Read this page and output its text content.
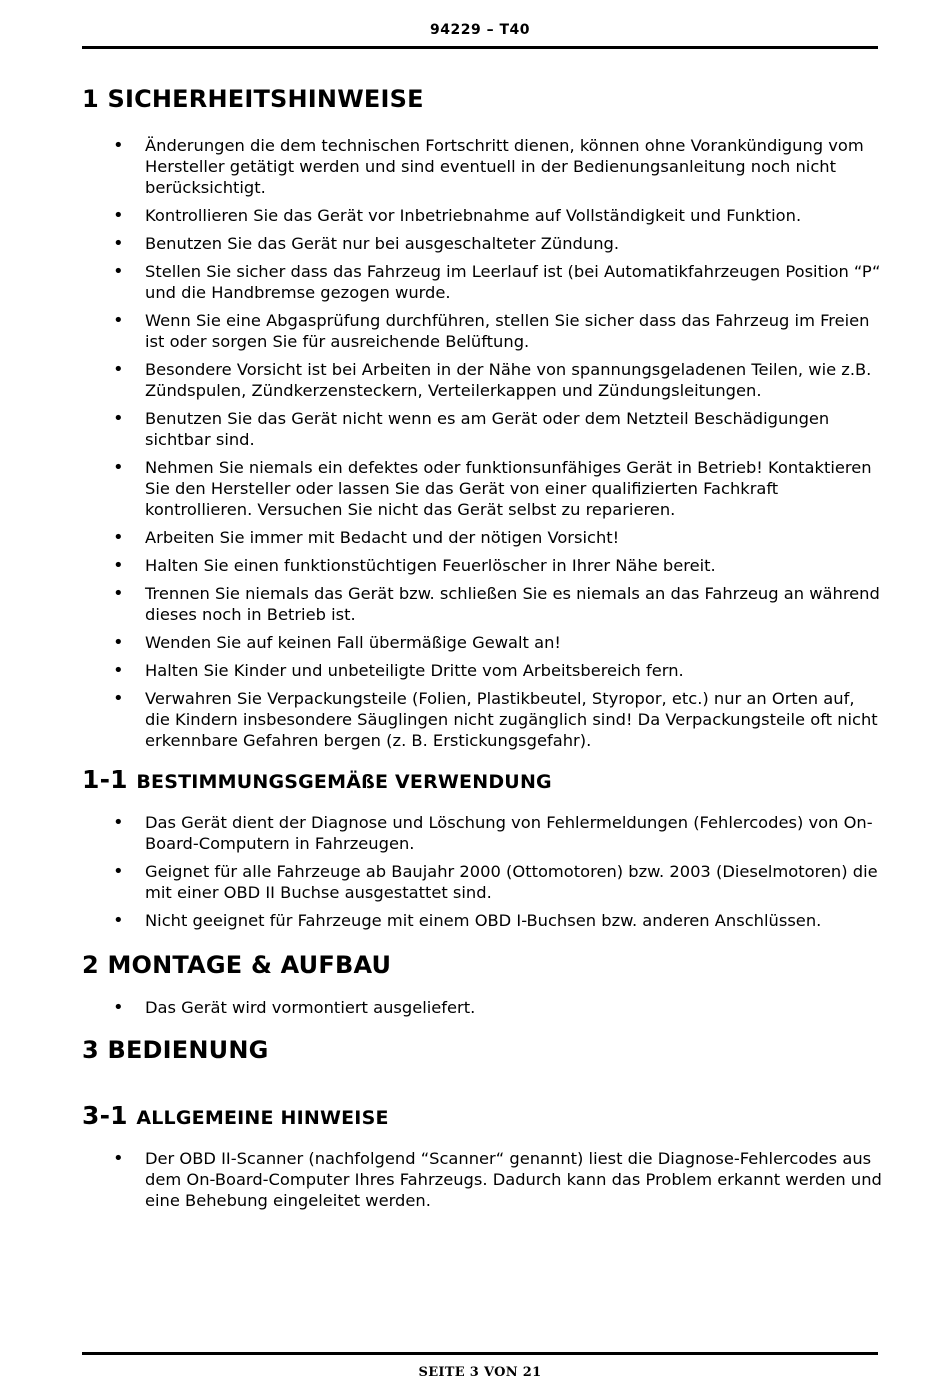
94229 – T40
1 SICHERHEITSHINWEISE
• Änderungen die dem technischen Fortschritt dienen, können ohne Vorankündigung vom Hersteller getätigt werden und sind eventuell in der Bedienungsanleitung noch nicht berücksichtigt.
• Kontrollieren Sie das Gerät vor Inbetriebnahme auf Vollständigkeit und Funktion.
• Benutzen Sie das Gerät nur bei ausgeschalteter Zündung.
• Stellen Sie sicher dass das Fahrzeug im Leerlauf ist (bei Automatikfahrzeugen Position “P“ und die Handbremse gezogen wurde.
• Wenn Sie eine Abgasprüfung durchführen, stellen Sie sicher dass das Fahrzeug im Freien ist oder sorgen Sie für ausreichende Belüftung.
• Besondere Vorsicht ist bei Arbeiten in der Nähe von spannungsgeladenen Teilen, wie z.B. Zündspulen, Zündkerzensteckern, Verteilerkappen und Zündungsleitungen.
• Benutzen Sie das Gerät nicht wenn es am Gerät oder dem Netzteil Beschädigungen sichtbar sind.
• Nehmen Sie niemals ein defektes oder funktionsunfähiges Gerät in Betrieb! Kontaktieren Sie den Hersteller oder lassen Sie das Gerät von einer qualifizierten Fachkraft kontrollieren. Versuchen Sie nicht das Gerät selbst zu reparieren.
• Arbeiten Sie immer mit Bedacht und der nötigen Vorsicht!
• Halten Sie einen funktionstüchtigen Feuerlöscher in Ihrer Nähe bereit.
• Trennen Sie niemals das Gerät bzw. schließen Sie es niemals an das Fahrzeug an während dieses noch in Betrieb ist.
• Wenden Sie auf keinen Fall übermäßige Gewalt an!
• Halten Sie Kinder und unbeteiligte Dritte vom Arbeitsbereich fern.
• Verwahren Sie Verpackungsteile (Folien, Plastikbeutel, Styropor, etc.) nur an Orten auf, die Kindern insbesondere Säuglingen nicht zugänglich sind! Da Verpackungsteile oft nicht erkennbare Gefahren bergen (z. B. Erstickungsgefahr).
1-1 BESTIMMUNGSGEMÄßE VERWENDUNG
• Das Gerät dient der Diagnose und Löschung von Fehlermeldungen (Fehlercodes) von On-Board-Computern in Fahrzeugen.
• Geignet für alle Fahrzeuge ab Baujahr 2000 (Ottomotoren) bzw. 2003 (Dieselmotoren) die mit einer OBD II Buchse ausgestattet sind.
• Nicht geeignet für Fahrzeuge mit einem OBD I-Buchsen bzw. anderen Anschlüssen.
2 MONTAGE & AUFBAU
• Das Gerät wird vormontiert ausgeliefert.
3 BEDIENUNG
3-1 ALLGEMEINE HINWEISE
• Der OBD II-Scanner (nachfolgend “Scanner“ genannt) liest die Diagnose-Fehlercodes aus dem On-Board-Computer Ihres Fahrzeugs. Dadurch kann das Problem erkannt werden und eine Behebung eingeleitet werden.
SEITE 3 VON 21
